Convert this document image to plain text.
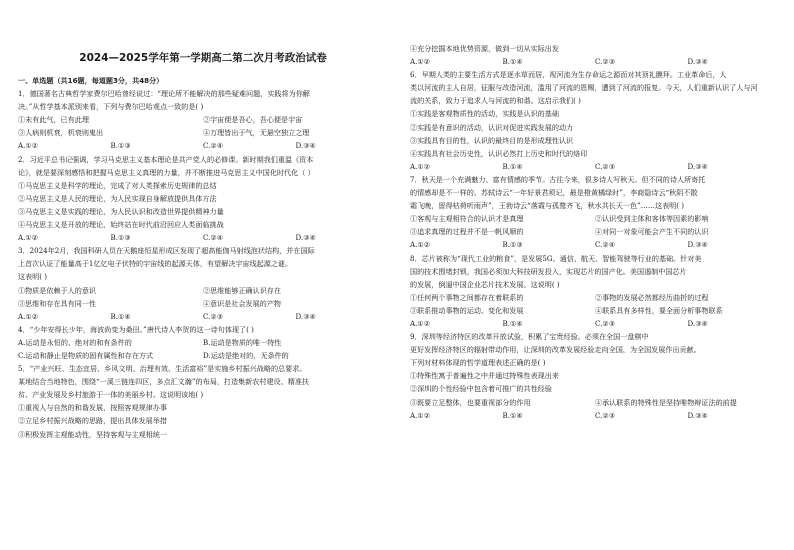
2024—2025学年第一学期高二第二次月考政治试卷
一、单选题（共16题，每道题3分，共48分）
1．德国著名古典哲学家费尔巴哈曾经说过：“理论所不能解决的那些疑难问题，实践将为你解
决。”从哲学基本派别来看，下列与费尔巴哈观点一致的是( )
①未有此气，已有此理	②宇宙便是吾心，吾心便是宇宙
③人病则机衰，机衰则鬼出	④万理皆出于气，无悬空独立之理
A.①②	B.①③	C.②④	D.③④
2．习近平总书记强调，学习马克思主义基本理论是共产党人的必修课。新时期我们重温《资本
论》，就是要深刻感悟和把握马克思主义真理的力量，并不断推进马克思主义中国化时代化（ ）
①马克思主义是科学的理论，完成了对人类探索历史规律的总结
②马克思主义是人民的理论，为人民实现自身解放提供具体方法
③马克思主义是实践的理论，为人民认识和改造世界提供精神力量
④马克思主义是开放的理论，始终站在时代前沿回应人类面临挑战
A.①②	B.①③	C.②④	D.③④
3．2024年2月，我国科研人员在天鹅座恒星形成区发现了超高能伽马射线泡状结构，并在国际
上首次认证了能量高于1亿亿电子伏特的宇宙线的起源天体，有望解决宇宙线起源之谜。
这表明( )
①物质是依赖于人的意识	②思维能够正确认识存在
③思维和存在具有同一性	④意识是社会发展的产物
A.①②	B.①④	C.②③	D.③④
4．“少年安得长少年，海波尚变为桑田。”唐代诗人李贺的这一诗句体现了( )
A.运动是永恒的、绝对的和有条件的	B.运动是物质的唯一特性
C.运动和静止是物质的固有属性和存在方式	D.运动是绝对的，无条件的
5．“产业兴旺、生态宜居、乡风文明、治理有效、生活富裕”是实施乡村振兴战略的总要求。
某地结合当地特色，围绕“一溪三链连四区，多点汇文瀚”的布局，打造集新农村建设、精准扶
贫、产业发展及乡村旅游于一体的美丽乡村。这说明该地( )
①重视人与自然的和谐发展，按照客观规律办事
②立足乡村振兴战略的思路，提出具体发展举措
③积极发挥主观能动性，坚持客观与主观相统一
④充分挖掘本地优势资源，做到一切从实际出发
A.①②	B.①④	C.②③	D.③④
6．早期人类的主要生活方式是逐水草而居，视河流为生存命运之源而对其顶礼膜拜。工业革命后，人
类以河流的主人自居，征服与改造河流，滥用了河流的恩赐，遭到了河流的报复。今天，人们重新认识了人与河
流的关系，致力于追求人与河流的和谐。这启示我们( )
①实践是客观物质性的活动，实践是认识的基础
②实践是有意识的活动，认识对促进实践发展的动力
③实践具有目的性，认识的最终目的是形成理性认识
④实践具有社会历史性，认识必然打上历史和时代的烙印
A.①②	B.①④	C.②③	D.③④
7．秋天是一个充满魅力、富有情感的季节。古往今来，很多诗人写秋天。但不同的诗人所寄托
的情感却是不一样的。苏轼诗云“一年好景君须记，最是橙黄橘绿时”，李商隐诗云“秋阴不散
霜飞晚，留得枯荷听雨声”，王勃诗云“落霞与孤鹜齐飞，秋水共长天一色”……这表明( )
①客观与主观相符合的认识才是真理	②认识受到主体和客体等因素的影响
③追求真理的过程并不是一帆风顺的	④对同一对象可能会产生不同的认识
A.①②	B.①③	C.②④	D.③④
8．芯片被称为“现代工业的粮食”，是发展5G、通信、航天、智能驾驶等行业的基础。针对美
国的技术围堵封锁，我国必须加大科技研发投入，实现芯片的国产化。美国遏制中国芯片
的发展，倒逼中国企业芯片技术发展。这说明( )
①任何两个事物之间都存在着联系的	②事物的发展必然都经历曲折的过程
③联系推动事物的运动、变化和发展	④联系具有多样性，要全面分析事物联系
A.①②	B.①④	C.②③	D.③④
9．深圳等经济特区的改革开放试验，积累了宝贵经验。必须在全国一盘棋中
更好发挥经济特区的辐射带动作用，让深圳的改革发展经验走向全国，为全国发展作出贡献。
下列对材料体现的哲学道理表述正确的是( )
①特殊性寓于普遍性之中并通过特殊性表现出来
②深圳的个性经验中包含着可推广的共性经验
③既要立足整体，也要重视部分的作用	④承认联系的特殊性是坚持唯物辩证法的前提
A.①②	B.①④	C.②③	D.③④
